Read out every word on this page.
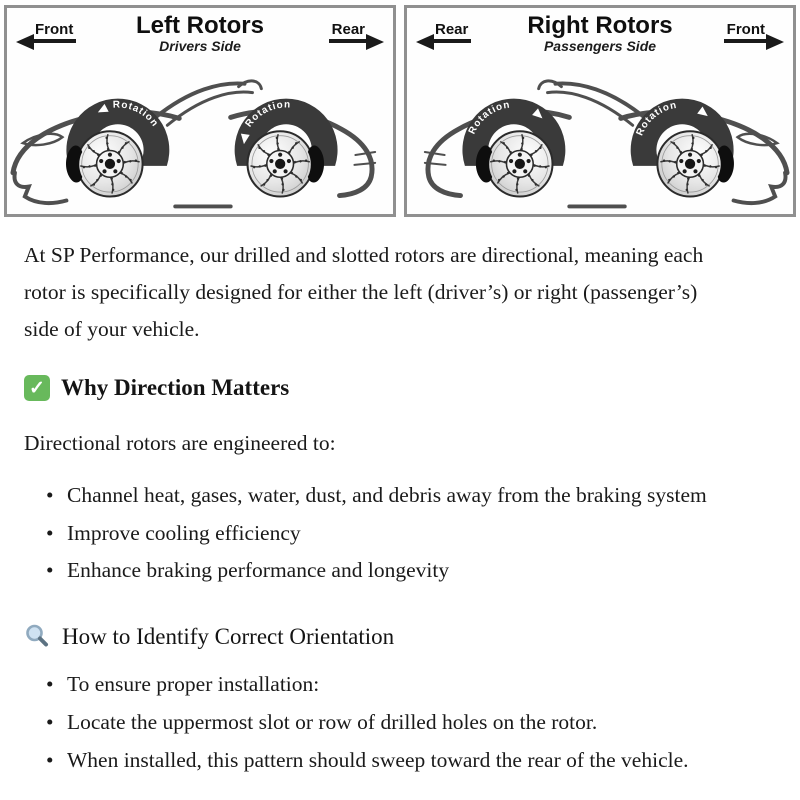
Front	Left Rotors
Drivers Side
Rear
Rotation	Rotation
Rear	Right Rotors
Passengers Side
Front
Rotation
Rotation

At SP Performance, our drilled and slotted rotors are directional, meaning each rotor is specifically designed for either the left (driver’s) or right (passenger’s) side of your vehicle.

✓ Why Direction Matters

Directional rotors are engineered to:

• Channel heat, gases, water, dust, and debris away from the braking system
• Improve cooling efficiency
• Enhance braking performance and longevity
How to Identify Correct Orientation
• To ensure proper installation:
• Locate the uppermost slot or row of drilled holes on the rotor.
• When installed, this pattern should sweep toward the rear of the vehicle.
